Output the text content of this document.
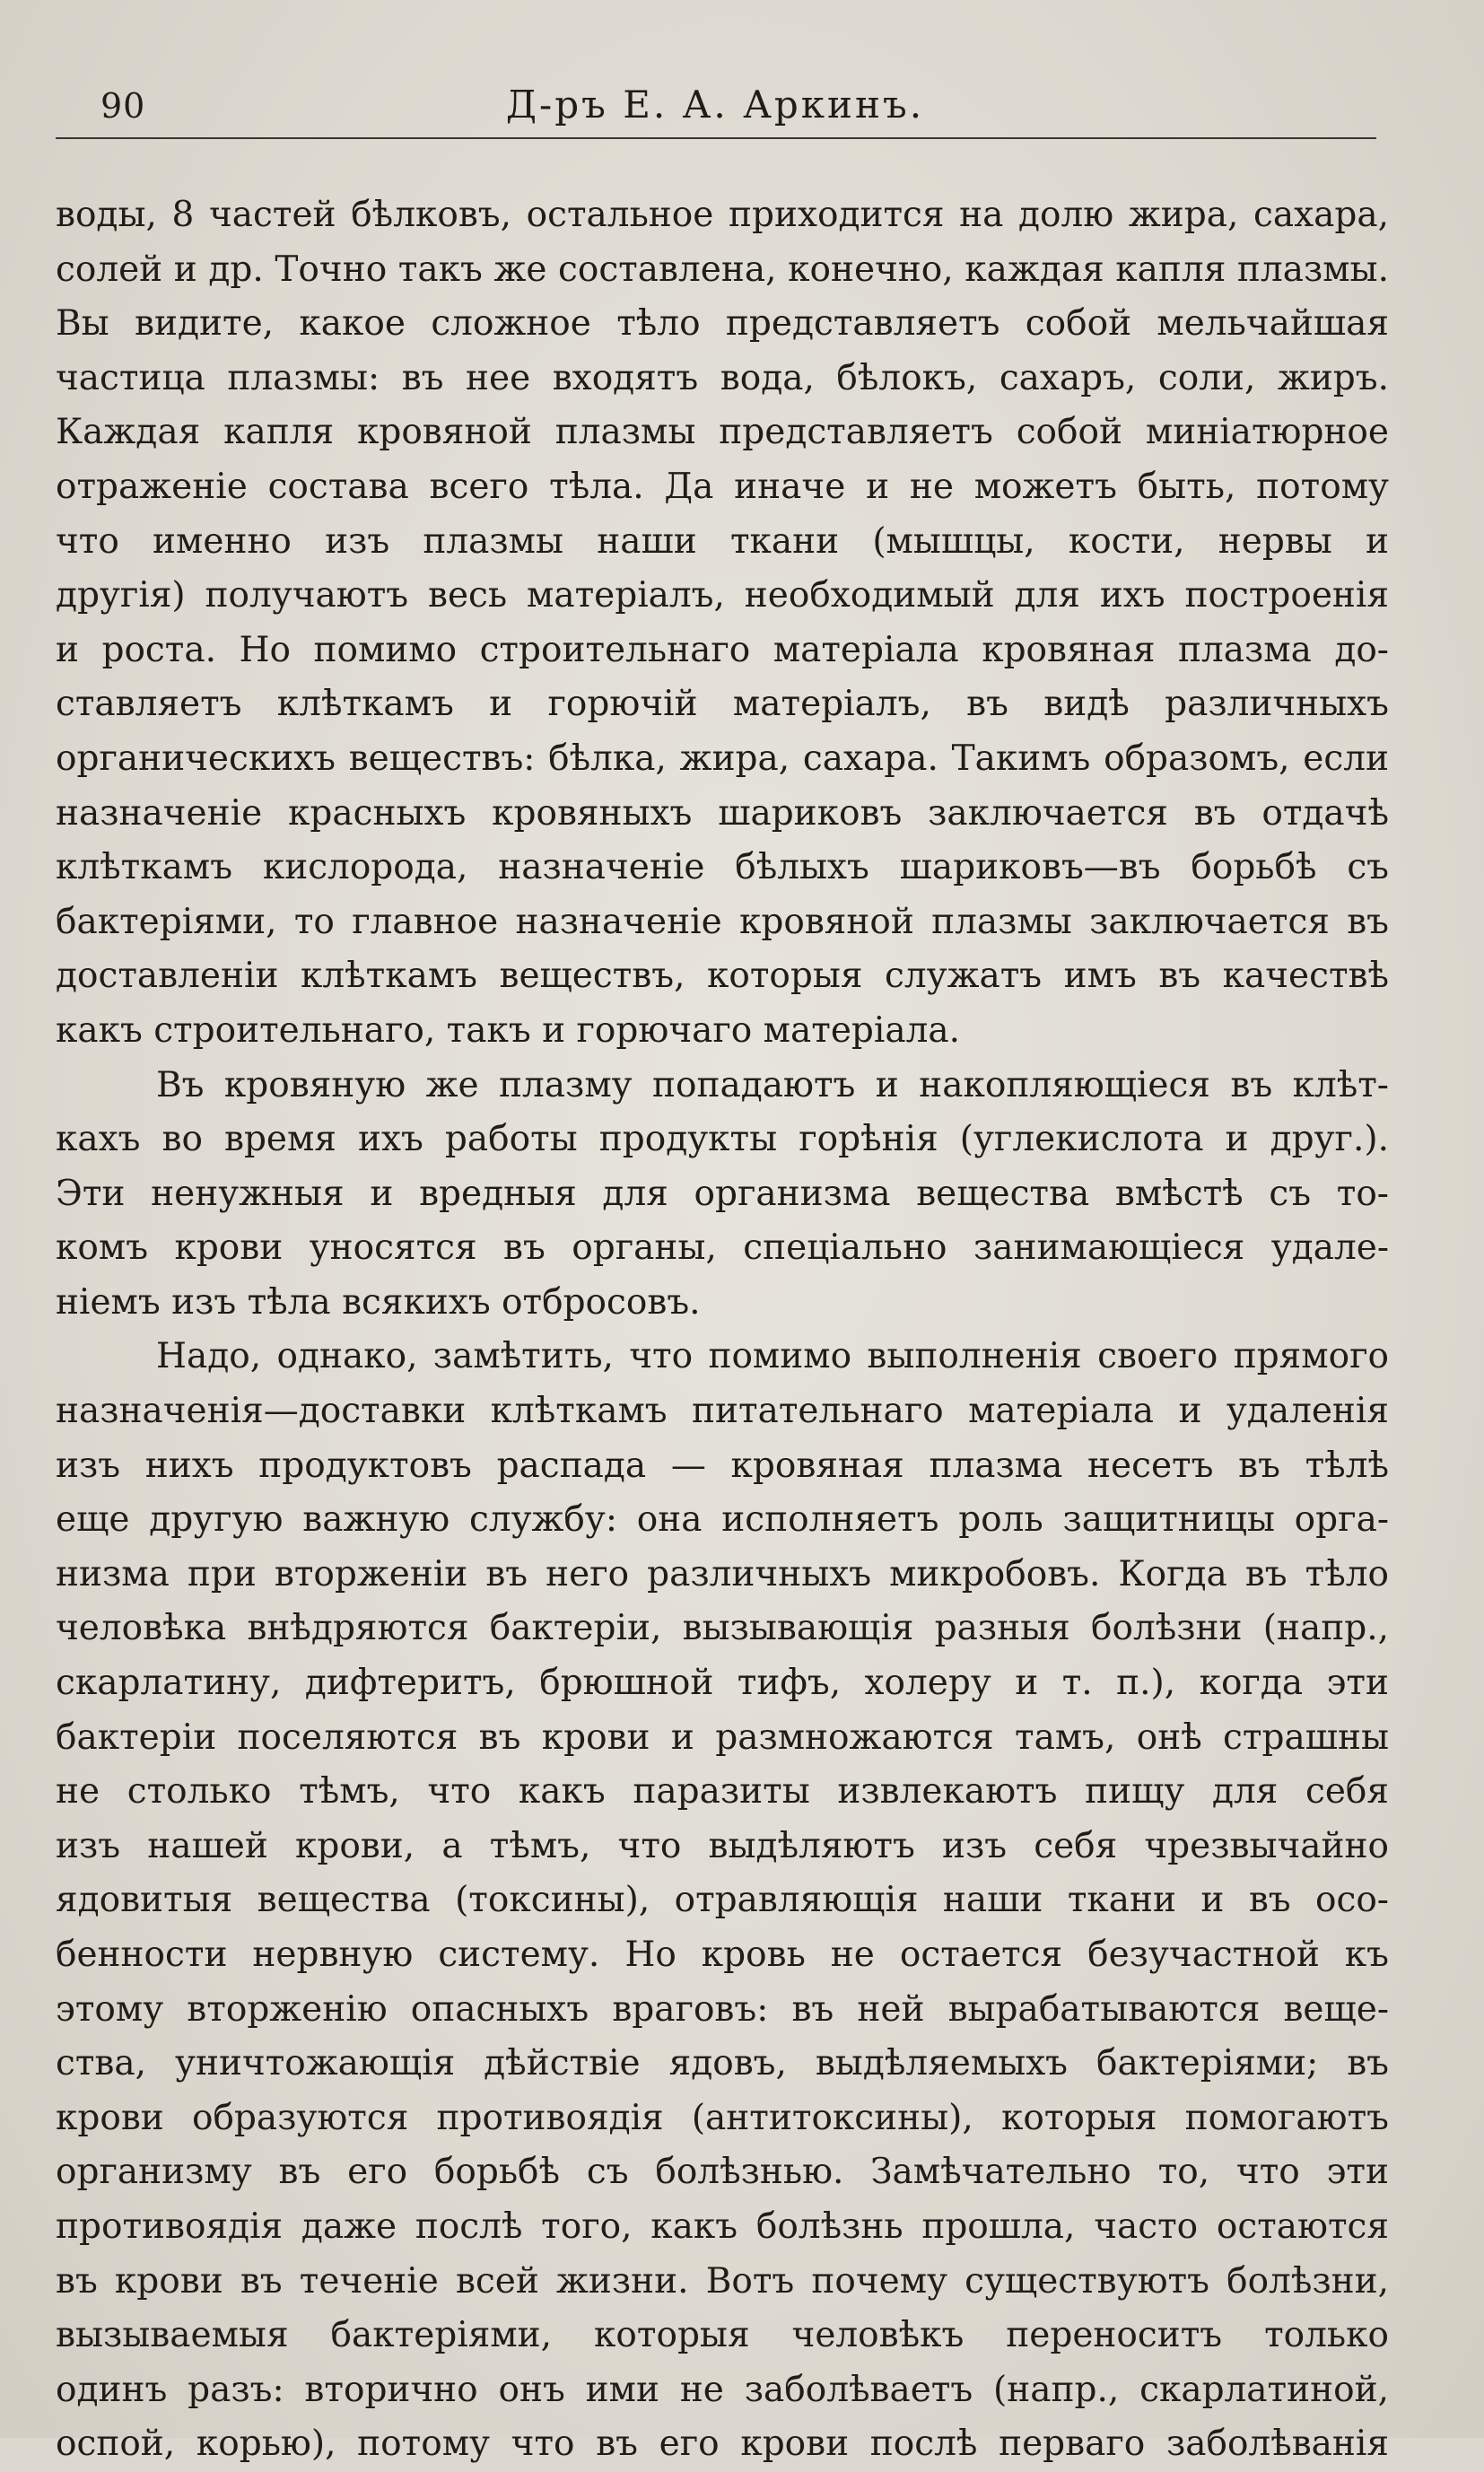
90	Д-ръ Е. А. Аркинъ.
воды, 8 частей бѣлковъ, остальное приходится на долю жира, сахара,
солей и др. Точно такъ же составлена, конечно, каждая капля плазмы.
Вы видите, какое сложное тѣло представляетъ собой мельчайшая
частица плазмы: въ нее входятъ вода, бѣлокъ, сахаръ, соли, жиръ.
Каждая капля кровяной плазмы представляетъ собой миніатюрное
отраженіе состава всего тѣла. Да иначе и не можетъ быть, потому
что именно изъ плазмы наши ткани (мышцы, кости, нервы и
другія) получаютъ весь матеріалъ, необходимый для ихъ построенія
и роста. Но помимо строительнаго матеріала кровяная плазма до-
ставляетъ клѣткамъ и горючій матеріалъ, въ видѣ различныхъ
органическихъ веществъ: бѣлка, жира, сахара. Такимъ образомъ, если
назначеніе красныхъ кровяныхъ шариковъ заключается въ отдачѣ
клѣткамъ кислорода, назначеніе бѣлыхъ шариковъ—въ борьбѣ съ
бактеріями, то главное назначеніе кровяной плазмы заключается въ
доставленіи клѣткамъ веществъ, которыя служатъ имъ въ качествѣ
какъ строительнаго, такъ и горючаго матеріала.
Въ кровяную же плазму попадаютъ и накопляющіеся въ клѣт-
кахъ во время ихъ работы продукты горѣнія (углекислота и друг.).
Эти ненужныя и вредныя для организма вещества вмѣстѣ съ то-
комъ крови уносятся въ органы, спеціально занимающіеся удале-
ніемъ изъ тѣла всякихъ отбросовъ.
Надо, однако, замѣтить, что помимо выполненія своего прямого
назначенія—доставки клѣткамъ питательнаго матеріала и удаленія
изъ нихъ продуктовъ распада — кровяная плазма несетъ въ тѣлѣ
еще другую важную службу: она исполняетъ роль защитницы орга-
низма при вторженіи въ него различныхъ микробовъ. Когда въ тѣло
человѣка внѣдряются бактеріи, вызывающія разныя болѣзни (напр.,
скарлатину, дифтеритъ, брюшной тифъ, холеру и т. п.), когда эти
бактеріи поселяются въ крови и размножаются тамъ, онѣ страшны
не столько тѣмъ, что какъ паразиты извлекаютъ пищу для себя
изъ нашей крови, а тѣмъ, что выдѣляютъ изъ себя чрезвычайно
ядовитыя вещества (токсины), отравляющія наши ткани и въ осо-
бенности нервную систему. Но кровь не остается безучастной къ
этому вторженію опасныхъ враговъ: въ ней вырабатываются веще-
ства, уничтожающія дѣйствіе ядовъ, выдѣляемыхъ бактеріями; въ
крови образуются противоядія (антитоксины), которыя помогаютъ
организму въ его борьбѣ съ болѣзнью. Замѣчательно то, что эти
противоядія даже послѣ того, какъ болѣзнь прошла, часто остаются
въ крови въ теченіе всей жизни. Вотъ почему существуютъ болѣзни,
вызываемыя бактеріями, которыя человѣкъ переноситъ только
одинъ разъ: вторично онъ ими не заболѣваетъ (напр., скарлатиной,
оспой, корью), потому что въ его крови послѣ перваго заболѣванія
